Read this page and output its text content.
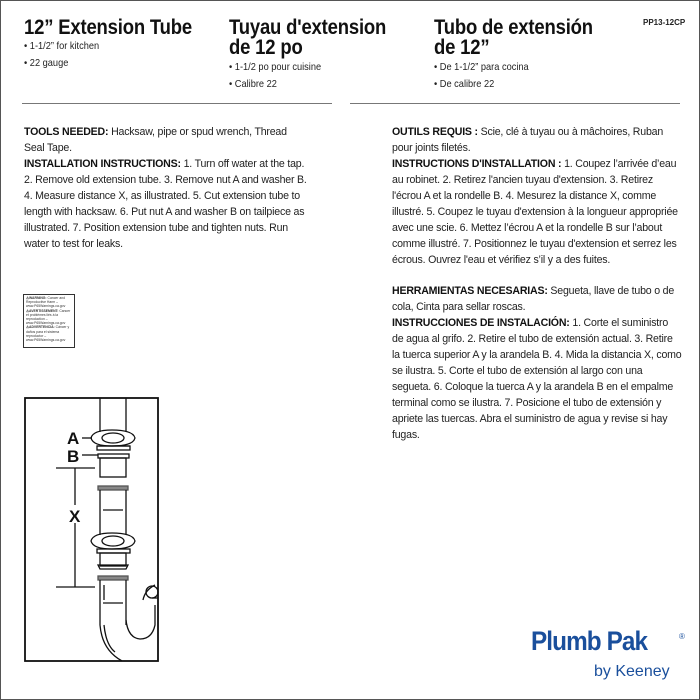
12” Extension Tube
• 1-1/2” for kitchen
• 22 gauge
Tuyau d'extension
de 12 po
• 1-1/2 po pour cuisine
• Calibre 22
Tubo de extensión
de 12”
• De 1-1/2” para cocina
• De calibre 22
PP13-12CP
TOOLS NEEDED: Hacksaw, pipe or spud wrench, Thread Seal Tape.
INSTALLATION INSTRUCTIONS: 1. Turn off water at the tap. 2. Remove old extension tube. 3. Remove nut A and washer B. 4. Measure distance X, as illustrated. 5. Cut extension tube to length with hacksaw. 6. Put nut A and washer B on tailpiece as illustrated. 7. Position extension tube and tighten nuts. Run water to test for leaks.
OUTILS REQUIS : Scie, clé à tuyau ou à mâchoires, Ruban pour joints filetés.
INSTRUCTIONS D'INSTALLATION : 1. Coupez l’arrivée d’eau au robinet. 2. Retirez l'ancien tuyau d'extension. 3. Retirez l'écrou A et la rondelle B. 4. Mesurez la distance X, comme illustré. 5. Coupez le tuyau d'extension à la longueur appropriée avec une scie. 6. Mettez l’écrou A et la rondelle B sur l’about comme illustré. 7. Positionnez le tuyau d'extension et serrez les écrous. Ouvrez l'eau et vérifiez s’il y a des fuites.
HERRAMIENTAS NECESARIAS: Segueta, llave de tubo o de cola, Cinta para sellar roscas.
INSTRUCCIONES DE INSTALACIÓN: 1. Corte el suministro de agua al grifo. 2. Retire el tubo de extensión actual. 3. Retire la tuerca superior A y la arandela B. 4. Mida la distancia X, como se ilustra. 5. Corte el tubo de extensión al largo con una segueta. 6. Coloque la tuerca A y la arandela B en el empalme terminal como se ilustra. 7. Posicione el tubo de extensión y apriete las tuercas. Abra el suministro de agua y revise si hay fugas.
⚠WARNING: Cancer and Reproductive Harm – www.P65Warnings.ca.gov
⚠AVERTISSEMENT: Cancer et problèmes liés à la reproduction – www.P65Warnings.ca.gov
⚠ADVERTENCIA: Cáncer y daños para el sistema reproductor – www.P65Warnings.ca.gov
A
B
X
Plumb Pak	®
by Keeney
